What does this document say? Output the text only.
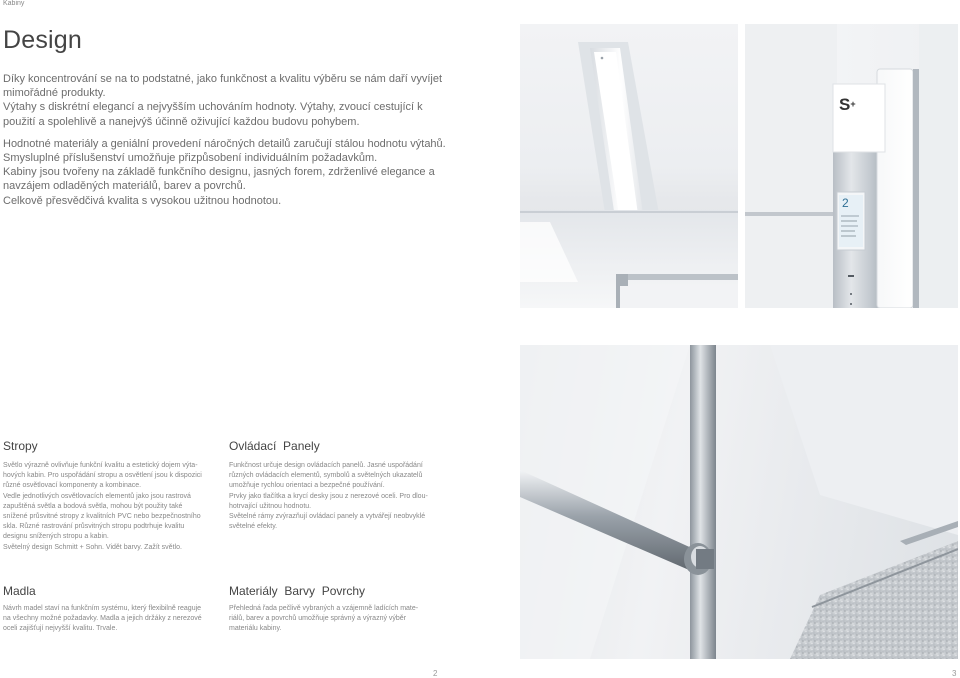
Kabiny
Design

Díky koncentrování se na to podstatné, jako funkčnost a kvalitu výběru se nám daří vyvíjet mimořádné produkty.

Výtahy s diskrétní elegancí a nejvyšším uchováním hodnoty. Výtahy, zvoucí cestující k použití a spolehlivě a nanejvýš účinně oživující každou budovu pohybem.

Hodnotné materiály a geniální provedení náročných detailů zaručují stálou hodnotu výtahů.

Smysluplné příslušenství umožňuje přizpůsobení individuálním požadavkům.

Kabiny jsou tvořeny na základě funkčního designu, jasných forem, zdrženlivé elegance a navzájem odladěných materiálů, barev a povrchů.

Celkově přesvědčivá kvalita s vysokou užitnou hodnotou.

S+
2
Stropy

Světlo výrazně ovlivňuje funkční kvalitu a estetický dojem výta-

hových kabin. Pro uspořádání stropu a osvětlení jsou k dispozici

různé osvětlovací komponenty a kombinace.

Vedle jednotlivých osvětlovacích elementů jako jsou rastrová

zapuštěná světla a bodová světla, mohou být použity také

snížené průsvitné stropy z kvalitních PVC nebo bezpečnostního

skla. Různé rastrování průsvitných stropu podtrhuje kvalitu

designu snížených stropu a kabin.

Světelný design Schmitt + Sohn. Vidět barvy. Zažít světlo.

Ovládací  Panely

Funkčnost určuje design ovládacích panelů. Jasné uspořádání

různých ovládacích elementů, symbolů a světelných ukazatelů

umožňuje rychlou orientaci a bezpečné používání.

Prvky jako tlačítka a krycí desky jsou z nerezové oceli. Pro dlou-

hotrvající užitnou hodnotu.

Světelné rámy zvýrazňují ovládací panely a vytvářejí neobvyklé

světelné efekty.

Madla

Návrh madel staví na funkčním systému, který flexibilně reaguje

na všechny možné požadavky. Madla a jejich držáky z nerezové

oceli zajišťují nejvyšší kvalitu. Trvale.

Materiály  Barvy  Povrchy

Přehledná řada pečlivě vybraných a vzájemně ladících mate-

riálů, barev a povrchů umožňuje správný a výrazný výběr

materiálu kabiny.

2	3
